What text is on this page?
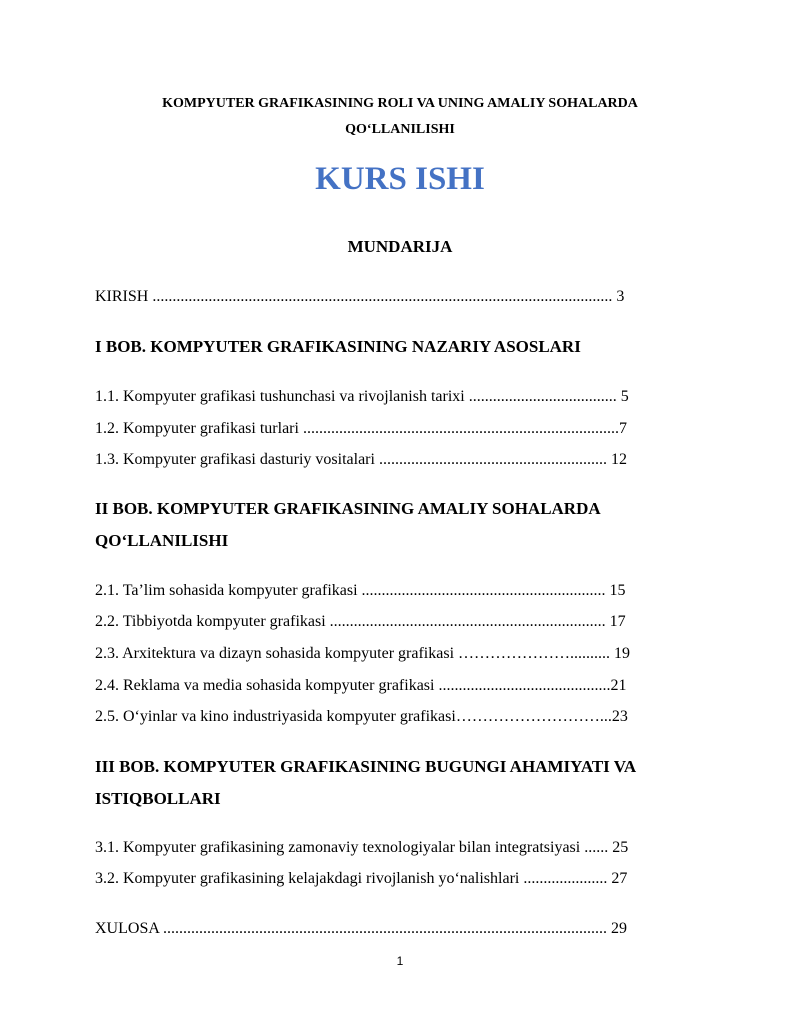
KOMPYUTER GRAFIKASINING ROLI VA UNING AMALIY SOHALARDA
QO‘LLANILISHI
KURS ISHI
MUNDARIJA
KIRISH ................................................................................................................... 3
I BOB. KOMPYUTER GRAFIKASINING NAZARIY ASOSLARI
1.1. Kompyuter grafikasi tushunchasi va rivojlanish tarixi ..................................... 5
1.2. Kompyuter grafikasi turlari ...............................................................................7
1.3. Kompyuter grafikasi dasturiy vositalari ......................................................... 12
II BOB. KOMPYUTER GRAFIKASINING AMALIY SOHALARDA
QO‘LLANILISHI
2.1. Ta’lim sohasida kompyuter grafikasi ............................................................. 15
2.2. Tibbiyotda kompyuter grafikasi ..................................................................... 17
2.3. Arxitektura va dizayn sohasida kompyuter grafikasi ………………….......... 19
2.4. Reklama va media sohasida kompyuter grafikasi ...........................................21
2.5. O‘yinlar va kino industriyasida kompyuter grafikasi………………………...23
III BOB. KOMPYUTER GRAFIKASINING BUGUNGI AHAMIYATI VA
ISTIQBOLLARI
3.1. Kompyuter grafikasining zamonaviy texnologiyalar bilan integratsiyasi ...... 25
3.2. Kompyuter grafikasining kelajakdagi rivojlanish yo‘nalishlari ..................... 27
XULOSA ............................................................................................................... 29
1
